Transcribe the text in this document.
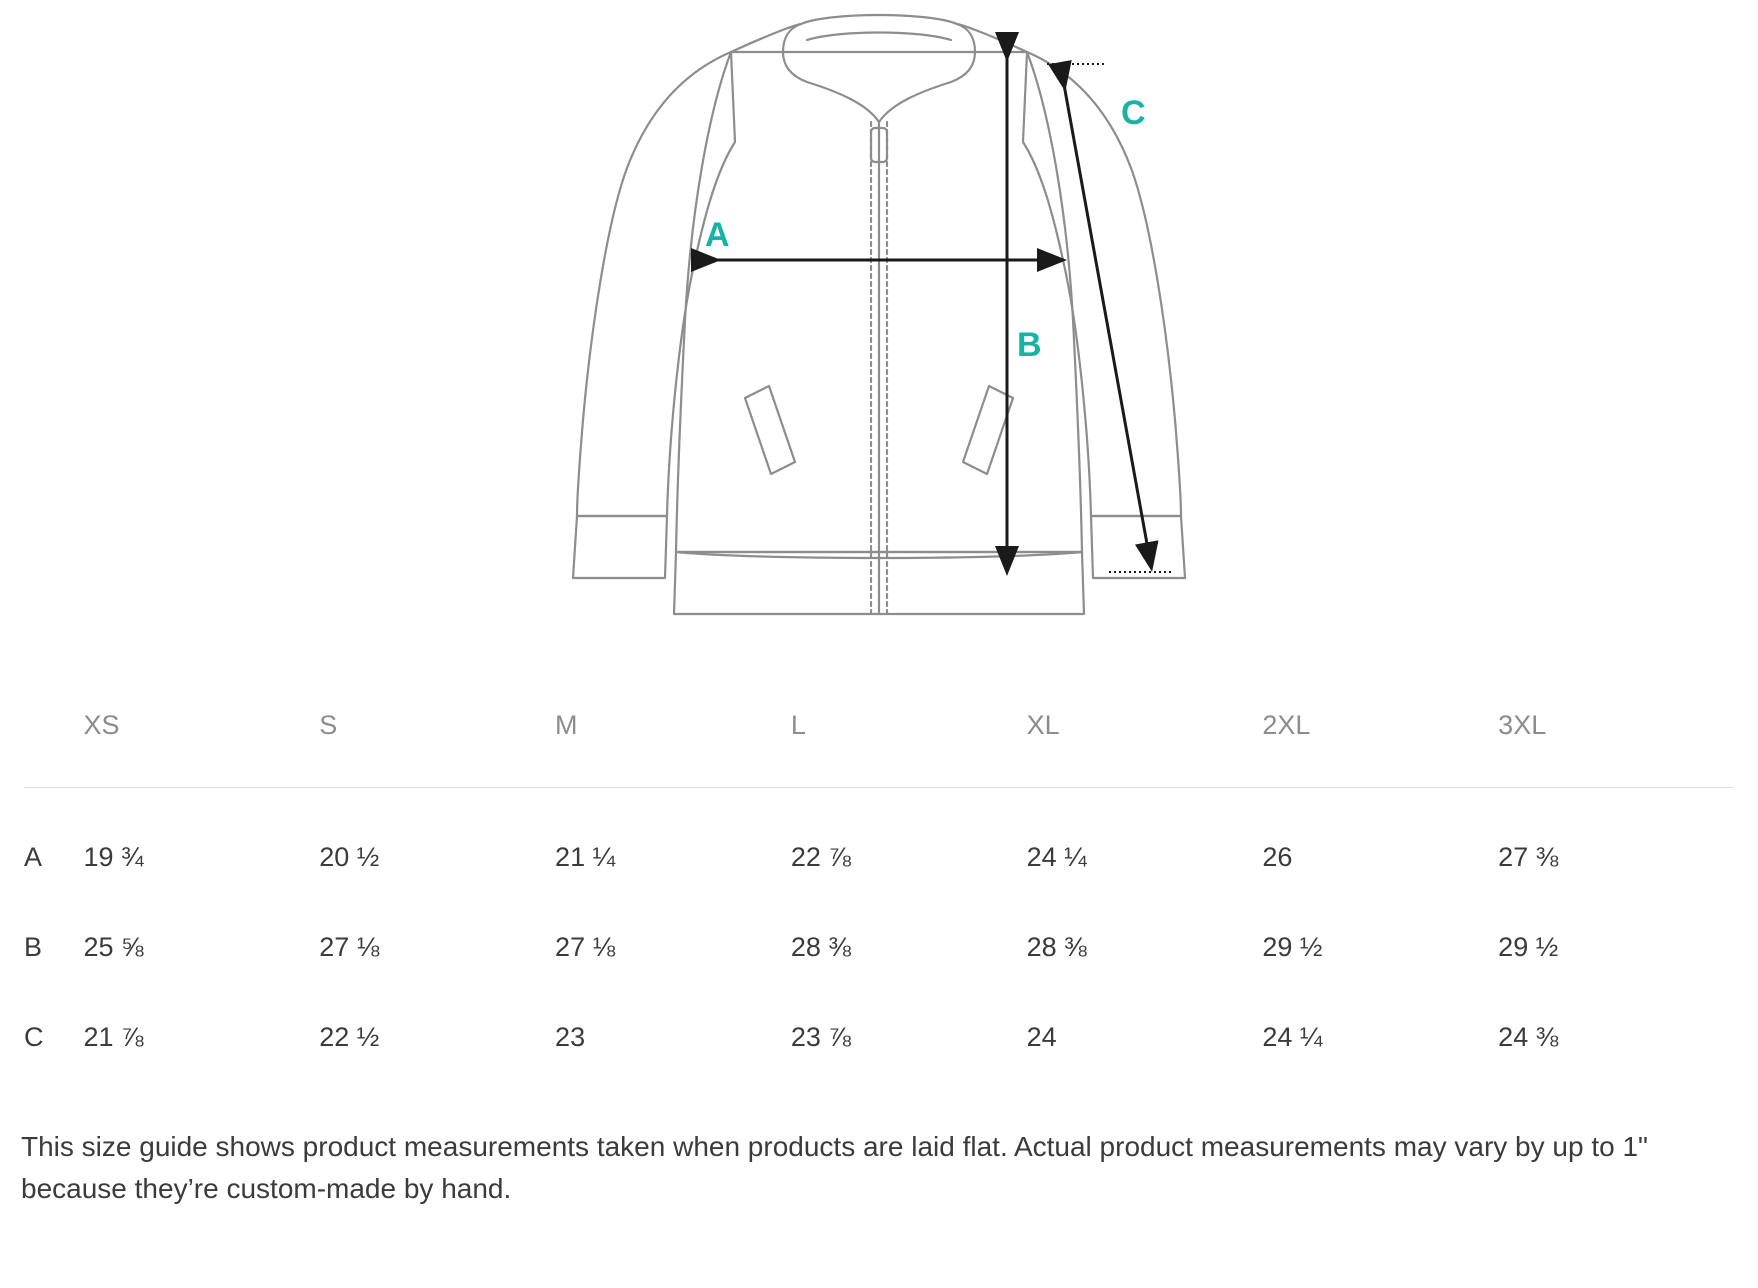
A
B
C
	XS	S	M	L	XL	2XL	3XL
A	19 ¾	20 ½	21 ¼	22 ⅞	24 ¼	26	27 ⅜
B	25 ⅝	27 ⅛	27 ⅛	28 ⅜	28 ⅜	29 ½	29 ½
C	21 ⅞	22 ½	23	23 ⅞	24	24 ¼	24 ⅜

This size guide shows product measurements taken when products are laid flat. Actual product measurements may vary by up to 1" because they’re custom-made by hand.
